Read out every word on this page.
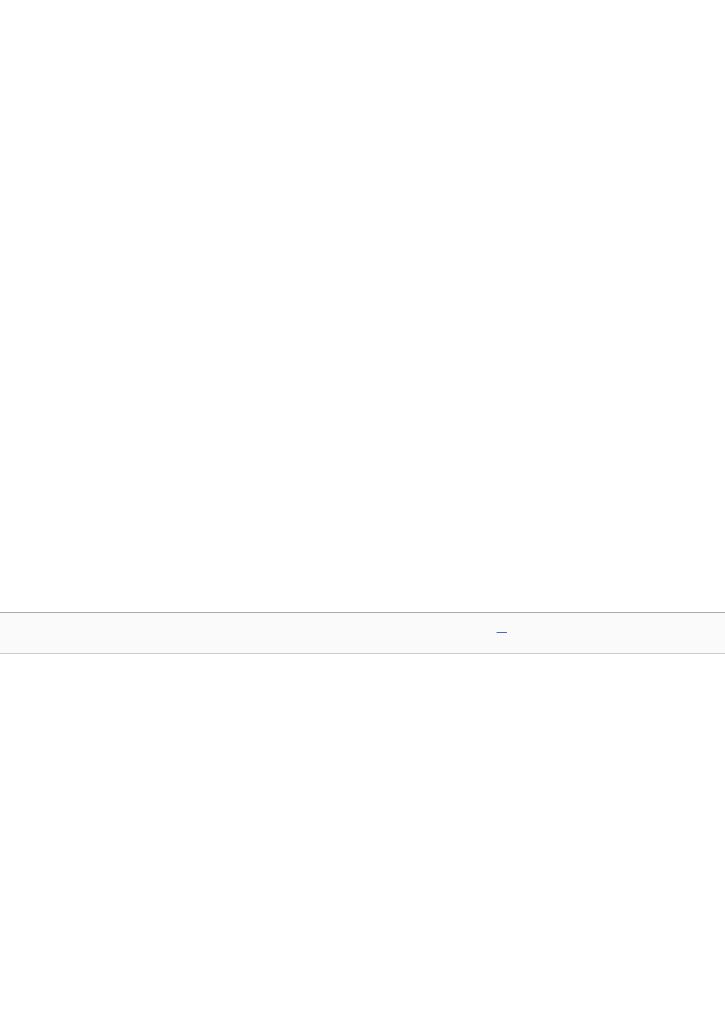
—
